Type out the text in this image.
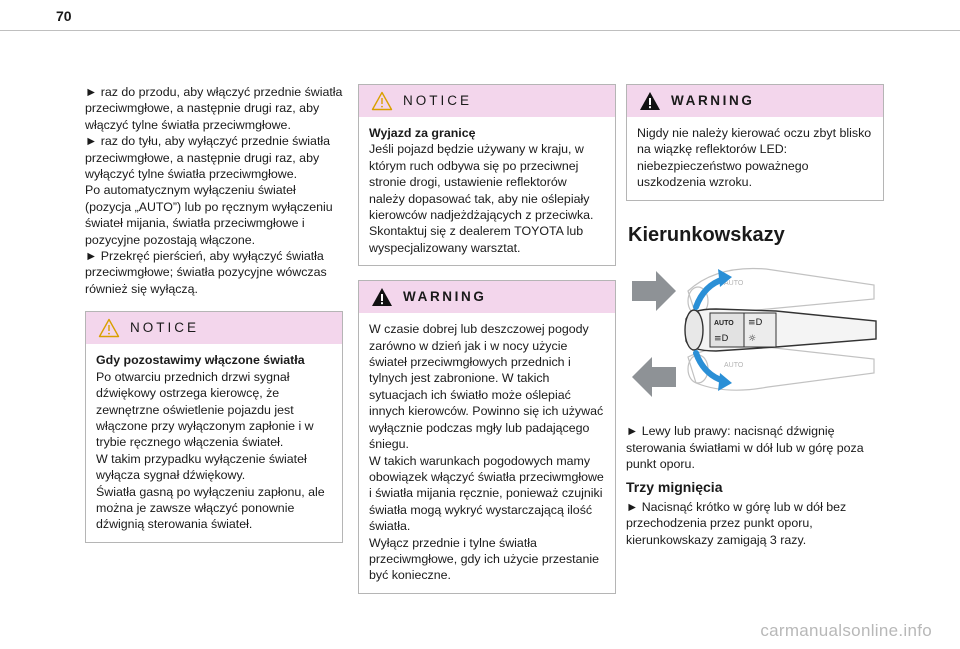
70

► raz do przodu, aby włączyć przednie światła przeciwmgłowe, a następnie drugi raz, aby włączyć tylne światła przeciwmgłowe.

► raz do tyłu, aby wyłączyć przednie światła przeciwmgłowe, a następnie drugi raz, aby wyłączyć tylne światła przeciwmgłowe.

Po automatycznym wyłączeniu świateł (pozycja „AUTO”) lub po ręcznym wyłączeniu świateł mijania, światła przeciwmgłowe i pozycyjne pozostają włączone.

► Przekręć pierścień, aby wyłączyć światła przeciwmgłowe; światła pozycyjne wówczas również się wyłączą.

NOTICE

Gdy pozostawimy włączone światła

Po otwarciu przednich drzwi sygnał dźwiękowy ostrzega kierowcę, że zewnętrzne oświetlenie pojazdu jest włączone przy wyłączonym zapłonie i w trybie ręcznego włączenia świateł.

W takim przypadku wyłączenie świateł wyłącza sygnał dźwiękowy.

Światła gasną po wyłączeniu zapłonu, ale można je zawsze włączyć ponownie dźwignią sterowania świateł.

NOTICE

Wyjazd za granicę

Jeśli pojazd będzie używany w kraju, w którym ruch odbywa się po przeciwnej stronie drogi, ustawienie reflektorów należy dopasować tak, aby nie oślepiały kierowców nadjeżdżających z przeciwka.

Skontaktuj się z dealerem TOYOTA lub wyspecjalizowany warsztat.

WARNING

W czasie dobrej lub deszczowej pogody zarówno w dzień jak i w nocy użycie świateł przeciwmgłowych przednich i tylnych jest zabronione. W takich sytuacjach ich światło może oślepiać innych kierowców. Powinno się ich używać wyłącznie podczas mgły lub padającego śniegu.

W takich warunkach pogodowych mamy obowiązek włączyć światła przeciwmgłowe i światła mijania ręcznie, ponieważ czujniki światła mogą wykryć wystarczającą ilość światła.

Wyłącz przednie i tylne światła przeciwmgłowe, gdy ich użycie przestanie być konieczne.

WARNING

Nigdy nie należy kierować oczu zbyt blisko na wiązkę reflektorów LED: niebezpieczeństwo poważnego uszkodzenia wzroku.

Kierunkowskazy
AUTO
AUTO
AUTO ≡D
≡D ☼

► Lewy lub prawy: nacisnąć dźwignię sterowania światłami w dół lub w górę poza punkt oporu.

Trzy mignięcia

► Nacisnąć krótko w górę lub w dół bez przechodzenia przez punkt oporu, kierunkowskazy zamigają 3 razy.

carmanualsonline.info
